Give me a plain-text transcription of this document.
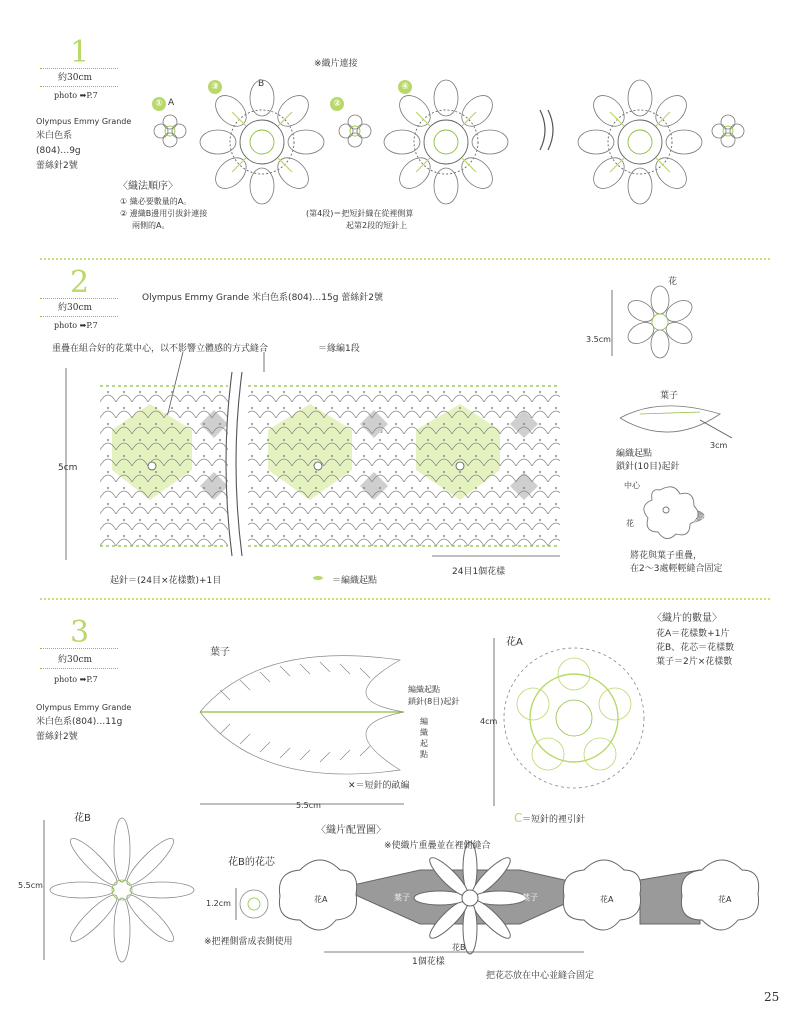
1
約30cm
photo ➡P.7
Olympus Emmy Grande
米白色系
(804)…9g
蕾絲針2號
※織片連接
〈織法順序〉
① 織必要數量的A。
② 邊織B邊用引拔針連接
兩側的A。
(第4段)＝把短針織在從裡側算
起第2段的短針上
① A
③	B
②
④
2
約30cm
photo ➡P.7
Olympus Emmy Grande 米白色系(804)…15g 蕾絲針2號
重疊在組合好的花葉中心，以不影響立體感的方式縫合	＝緣編1段
5cm
起針＝(24目×花樣數)+1目	＝編織起點
24目1個花樣
花
3.5cm
葉子
3cm
編織起點
鎖針(10目)起針
中心
花	葉子
將花與葉子重疊，
在2～3處輕輕縫合固定
3
約30cm
photo ➡P.7
Olympus Emmy Grande
米白色系(804)…11g
蕾絲針2號
葉子
編織起點
鎖針(8目)起針
編織起點
5.5cm
✕＝短針的畝編
C
花A
4cm
＝短針的裡引針
〈織片的數量〉
花A＝花樣數+1片
花B、花芯＝花樣數
葉子＝2片×花樣數
花B
5.5cm
〈織片配置圖〉
※使織片重疊並在裡側縫合
花B的花芯
1.2cm
※把裡側當成表側使用
花A	葉子	葉子	花A	花A
花B
1個花樣
把花芯放在中心並縫合固定
25
